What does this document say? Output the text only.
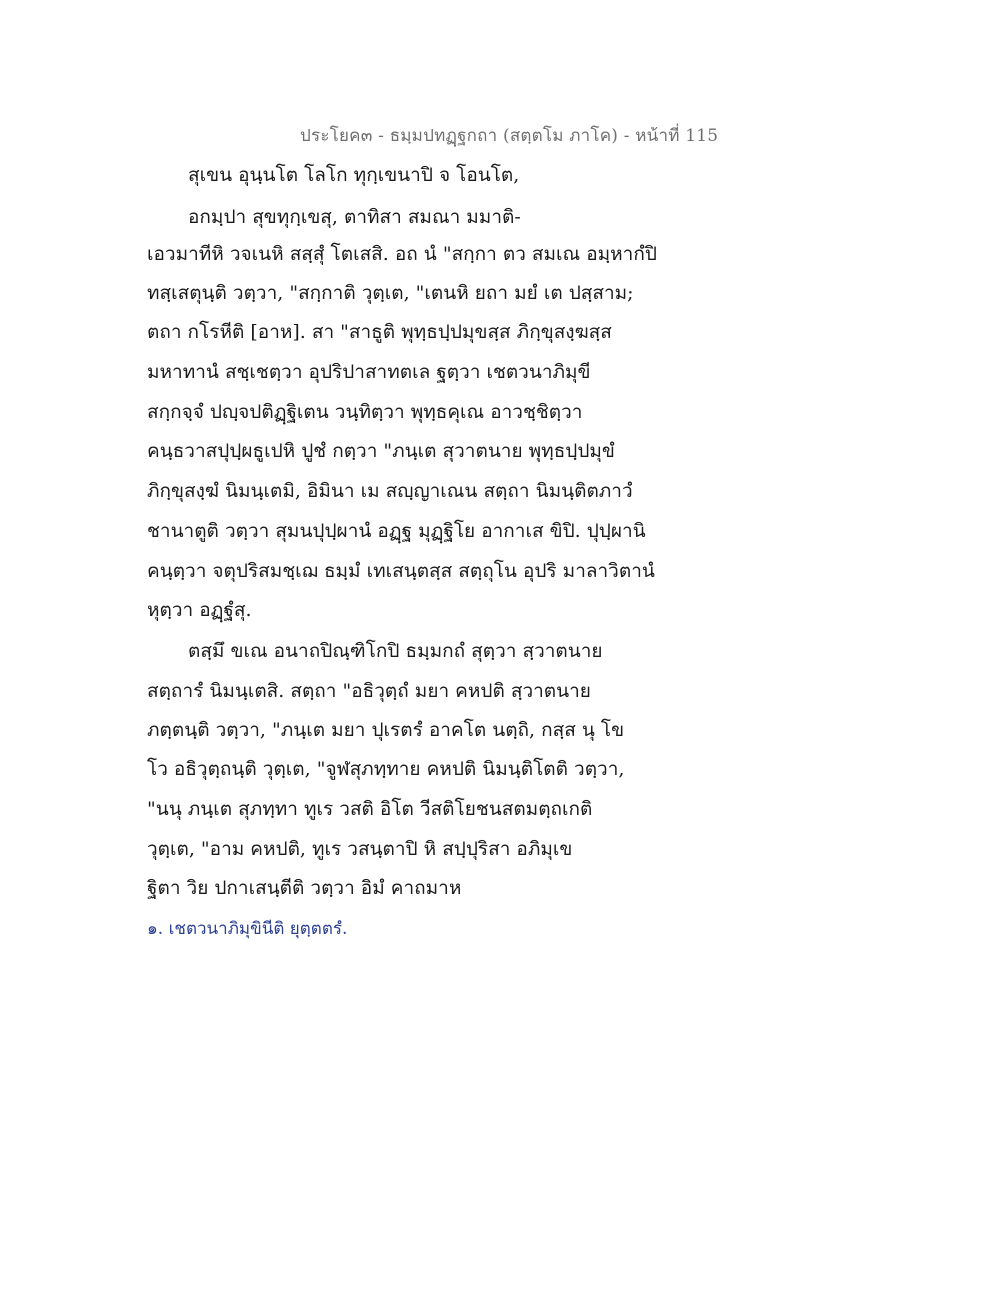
ประโยค๓ - ธมฺมปทฏฺฐกถา (สตฺตโม ภาโค) - หน้าที่ 115
สุเขน อุนฺนโต โลโก ทุกฺเขนาปิ จ โอนโต,
อกมฺปา สุขทุกฺเขสุ, ตาทิสา สมณา มมาติ-
เอวมาทีหิ วจเนหิ สสฺสุํ โตเสสิ. อถ นํ "สกฺกา ตว สมเณ อมฺหากํปิ
ทสฺเสตุนฺติ วตฺวา, "สกฺกาติ วุตฺเต, "เตนหิ ยถา มยํ เต ปสฺสาม;
ตถา กโรหีติ [อาห]. สา "สาธูติ พุทฺธปฺปมุขสฺส ภิกฺขุสงฺฆสฺส
มหาทานํ สชฺเชตฺวา อุปริปาสาทตเล ฐตฺวา เชตวนาภิมุขี
สกฺกจฺจํ ปญฺจปติฏฺฐิเตน วนฺทิตฺวา พุทฺธคุเณ อาวชฺชิตฺวา
คนฺธวาสปุปฺผธูเปหิ ปูชํ กตฺวา "ภนฺเต สุวาตนาย พุทฺธปฺปมุขํ
ภิกฺขุสงฺฆํ นิมนฺเตมิ, อิมินา เม สญฺญาเณน สตฺถา นิมนฺติตภาวํ
ชานาตูติ วตฺวา สุมนปุปฺผานํ อฏฺฐ มุฏฺฐิโย อากาเส ขิปิ. ปุปฺผานิ
คนฺตฺวา จตุปริสมชฺเฌ ธมฺมํ เทเสนฺตสฺส สตฺถุโน อุปริ มาลาวิตานํ
หุตฺวา อฏฺฐํสุ.
ตสฺมึ ขเณ อนาถปิณฺฑิโกปิ ธมฺมกถํ สุตฺวา สฺวาตนาย
สตฺถารํ นิมนฺเตสิ. สตฺถา "อธิวุตฺถํ มยา คหปติ สฺวาตนาย
ภตฺตนฺติ วตฺวา, "ภนฺเต มยา ปุเรตรํ อาคโต นตฺถิ, กสฺส นุ โข
โว อธิวุตฺถนฺติ วุตฺเต, "จูฬสุภทฺทาย คหปติ นิมนฺติโตติ วตฺวา,
"นนุ ภนฺเต สุภทฺทา ทูเร วสติ อิโต วีสติโยชนสตมตฺถเกติ
วุตฺเต, "อาม คหปติ, ทูเร วสนฺตาปิ หิ สปฺปุริสา อภิมุเข
ฐิตา วิย ปกาเสนฺตีติ วตฺวา อิมํ คาถมาห
๑. เชตวนาภิมุขินีติ ยุตฺตตรํ.
